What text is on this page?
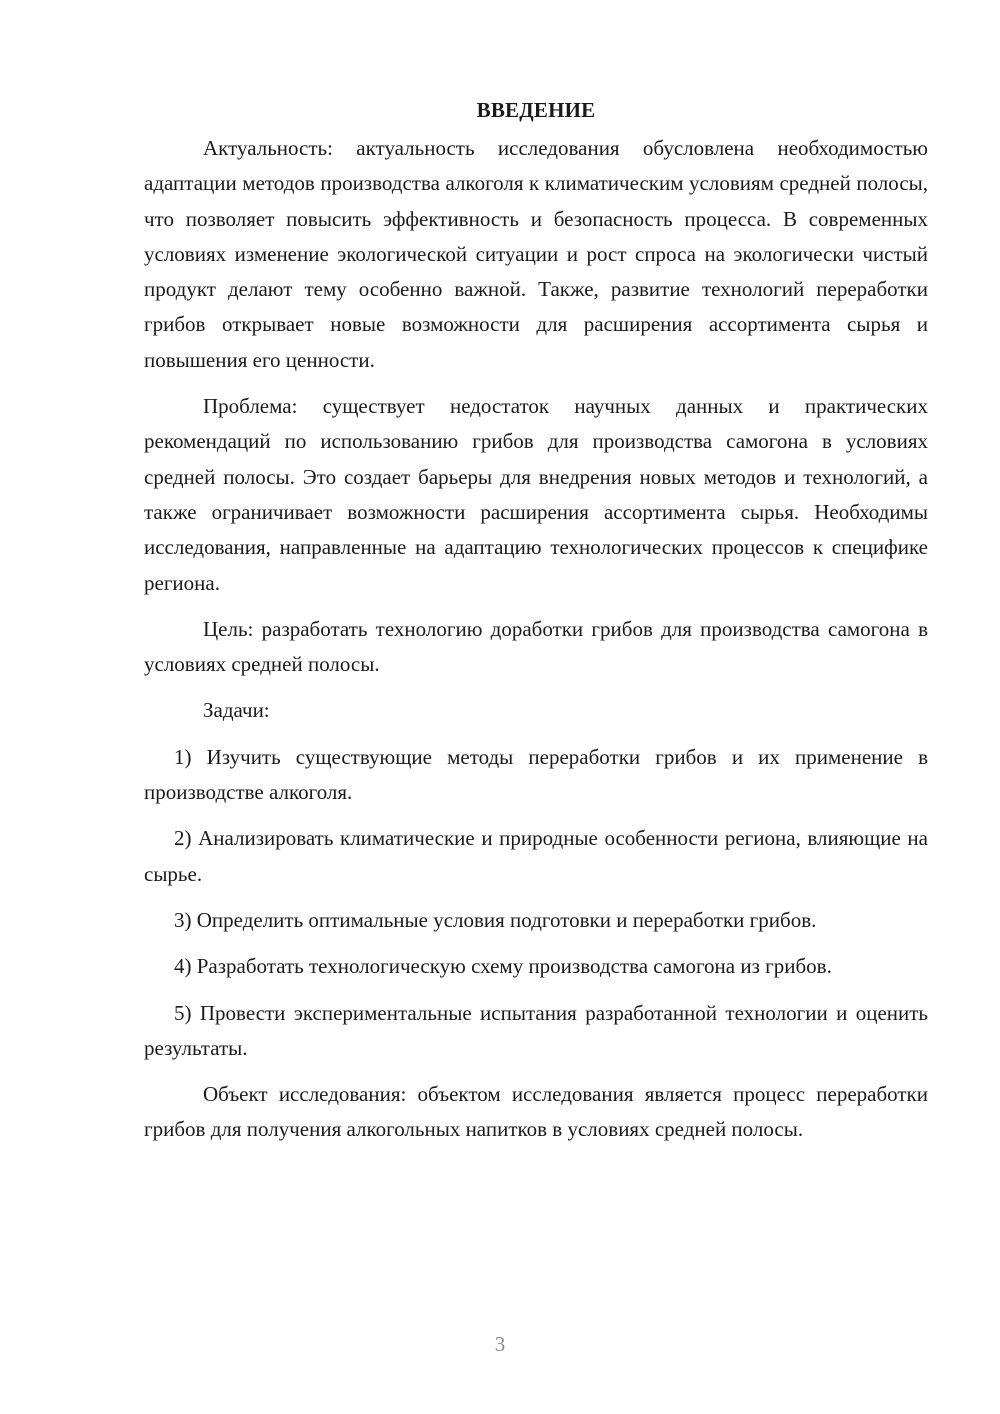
ВВЕДЕНИЕ

Актуальность: актуальность исследования обусловлена необходимостью адаптации методов производства алкоголя к климатическим условиям средней полосы, что позволяет повысить эффективность и безопасность процесса. В современных условиях изменение экологической ситуации и рост спроса на экологически чистый продукт делают тему особенно важной. Также, развитие технологий переработки грибов открывает новые возможности для расширения ассортимента сырья и повышения его ценности.

Проблема: существует недостаток научных данных и практических рекомендаций по использованию грибов для производства самогона в условиях средней полосы. Это создает барьеры для внедрения новых методов и технологий, а также ограничивает возможности расширения ассортимента сырья. Необходимы исследования, направленные на адаптацию технологических процессов к специфике региона.

Цель: разработать технологию доработки грибов для производства самогона в условиях средней полосы.

Задачи:

1) Изучить существующие методы переработки грибов и их применение в производстве алкоголя.

2) Анализировать климатические и природные особенности региона, влияющие на сырье.

3) Определить оптимальные условия подготовки и переработки грибов.

4) Разработать технологическую схему производства самогона из грибов.

5) Провести экспериментальные испытания разработанной технологии и оценить результаты.

Объект исследования: объектом исследования является процесс переработки грибов для получения алкогольных напитков в условиях средней полосы.

3
